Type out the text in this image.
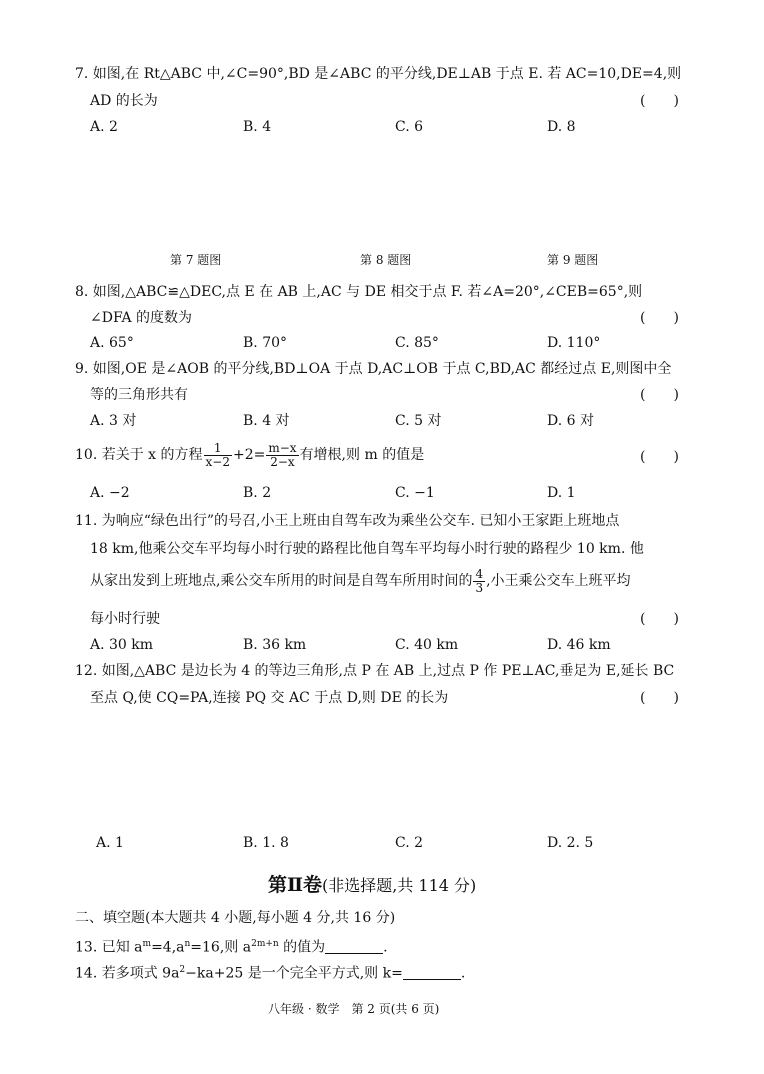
7. 如图,在 Rt△ABC 中,∠C=90°,BD 是∠ABC 的平分线,DE⊥AB 于点 E. 若 AC=10,DE=4,则
AD 的长为	(　　)
A. 2	B. 4	C. 6	D. 8
第 7 题图	第 8 题图	第 9 题图
8. 如图,△ABC≌△DEC,点 E 在 AB 上,AC 与 DE 相交于点 F. 若∠A=20°,∠CEB=65°,则
∠DFA 的度数为	(　　)
A. 65°	B. 70°	C. 85°	D. 110°
9. 如图,OE 是∠AOB 的平分线,BD⊥OA 于点 D,AC⊥OB 于点 C,BD,AC 都经过点 E,则图中全
等的三角形共有	(　　)
A. 3 对	B. 4 对	C. 5 对	D. 6 对
10. 若关于 x 的方程 $\frac{1}{x-2} +2= \frac{m-x}{2-x}$ 有增根,则 m 的值是	(　　)
A. −2	B. 2	C. −1	D. 1
11. 为响应“绿色出行”的号召,小王上班由自驾车改为乘坐公交车. 已知小王家距上班地点
18 km,他乘公交车平均每小时行驶的路程比他自驾车平均每小时行驶的路程少 10 km. 他
从家出发到上班地点,乘公交车所用的时间是自驾车所用时间的 $\frac{4}{3}$ ,小王乘公交车上班平均
每小时行驶	(　　)
A. 30 km	B. 36 km	C. 40 km	D. 46 km
12. 如图,△ABC 是边长为 4 的等边三角形,点 P 在 AB 上,过点 P 作 PE⊥AC,垂足为 E,延长 BC
至点 Q,使 CQ=PA,连接 PQ 交 AC 于点 D,则 DE 的长为	(　　)
A. 1	B. 1. 8	C. 2	D. 2. 5
第Ⅱ卷(非选择题,共 114 分)
二、填空题(本大题共 4 小题,每小题 4 分,共 16 分)
13. 已知 $a^m=4,a^n=16$,则 $a^{2m+n}$ 的值为	.
14. 若多项式 $9a^2-ka+25$ 是一个完全平方式,则 k=	.
八年级 · 数学　第 2 页(共 6 页)
